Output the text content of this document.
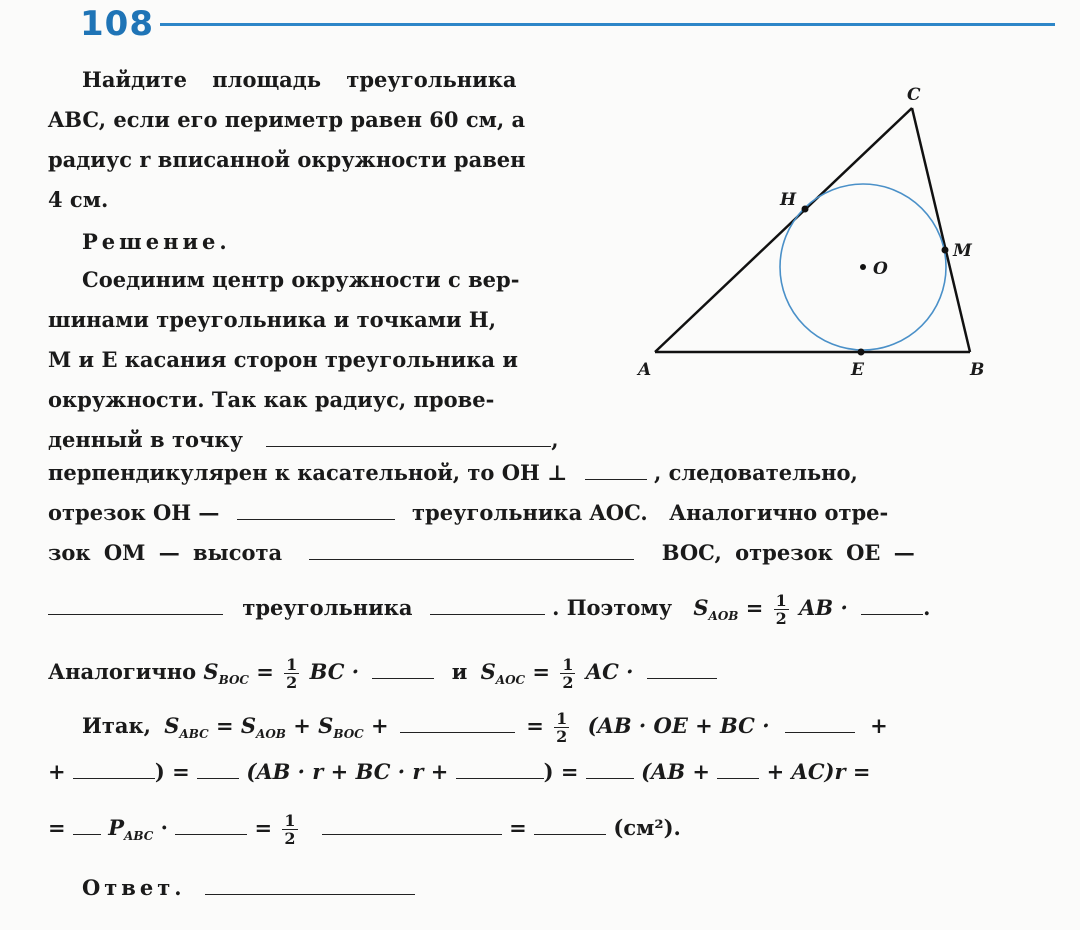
108
Найдите площадь треугольника
ABC, если его периметр равен 60 см, а
радиус r вписанной окружности равен
4 см.
Решение.
Соединим центр окружности с вер-
шинами треугольника и точками H,
M и E касания сторон треугольника и
окружности. Так как радиус, прове-
денный в точку	,
перпендикулярен к касательной, то OH ⊥	, следовательно,
отрезок OH —	треугольника AOC. Аналогично отре-
зок OM — высота	BOC, отрезок OE —
треугольника	. Поэтому $S_{AOB} = \frac{1}{2}$ AB ·	.
Аналогично $S_{BOC} = \frac{1}{2}$ BC ·	и $S_{AOC} = \frac{1}{2}$ AC ·
Итак, $S_{ABC} = S_{AOB} + S_{BOC}$ +	= $\frac{1}{2} (AB$ · OE + BC ·	+
+	) =  (AB · r + BC · r +	) =	(AB +	+ AC)r =
=  $P_{ABC}$ ·	= $\frac{1}{2}$	=	(см²).
Ответ.
A	B
C
H
M
E
O
